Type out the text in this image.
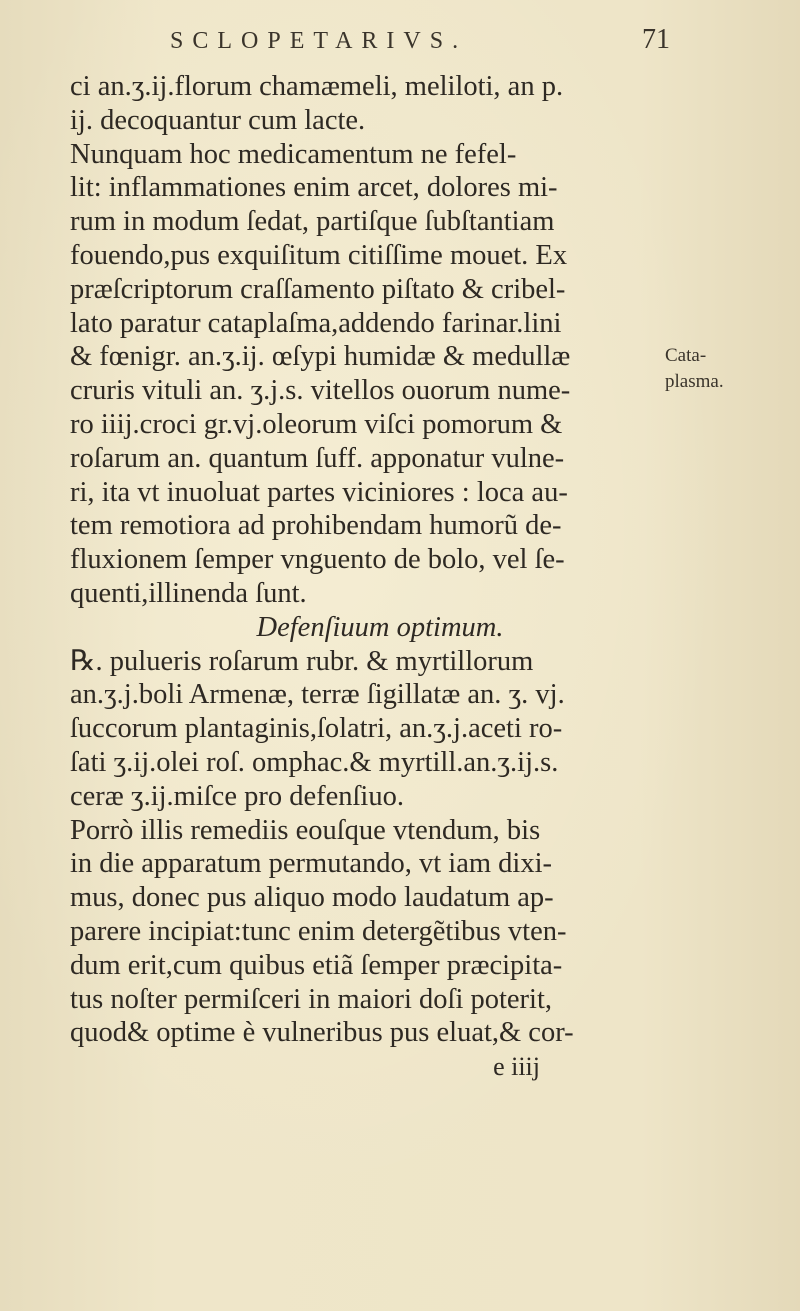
SCLOPETARIVS.	71
ci an.ʒ.ij.florum chamæmeli, meliloti, an p.
ij. decoquantur cum lacte.
Nunquam hoc medicamentum ne fefel-
lit: inflammationes enim arcet, dolores mi-
rum in modum ſedat, partiſque ſubſtantiam
fouendo,pus exquiſitum citiſſime mouet. Ex
præſcriptorum craſſamento piſtato & cribel-
lato paratur cataplaſma,addendo farinar.lini
& fœnigr. an.ʒ.ij. œſypi humidæ & medullæ
cruris vituli an. ʒ.j.s. vitellos ouorum nume-
ro iiij.croci gr.vj.oleorum viſci pomorum &
roſarum an. quantum ſuff. apponatur vulne-
ri, ita vt inuoluat partes viciniores : loca au-
tem remotiora ad prohibendam humorũ de-
fluxionem ſemper vnguento de bolo, vel ſe-
quenti,illinenda ſunt.
Defenſiuum optimum.
℞. pulueris roſarum rubr. & myrtillorum
an.ʒ.j.boli Armenæ, terræ ſigillatæ an. ʒ. vj.
ſuccorum plantaginis,ſolatri, an.ʒ.j.aceti ro-
ſati ʒ.ij.olei roſ. omphac.& myrtill.an.ʒ.ij.s.
ceræ ʒ.ij.miſce pro defenſiuo.
Porrò illis remediis eouſque vtendum, bis
in die apparatum permutando, vt iam dixi-
mus, donec pus aliquo modo laudatum ap-
parere incipiat:tunc enim detergẽtibus vten-
dum erit,cum quibus etiã ſemper præcipita-
tus noſter permiſceri in maiori doſi poterit,
quod& optime è vulneribus pus eluat,& cor-
e iiij
Cata-
plasma.
